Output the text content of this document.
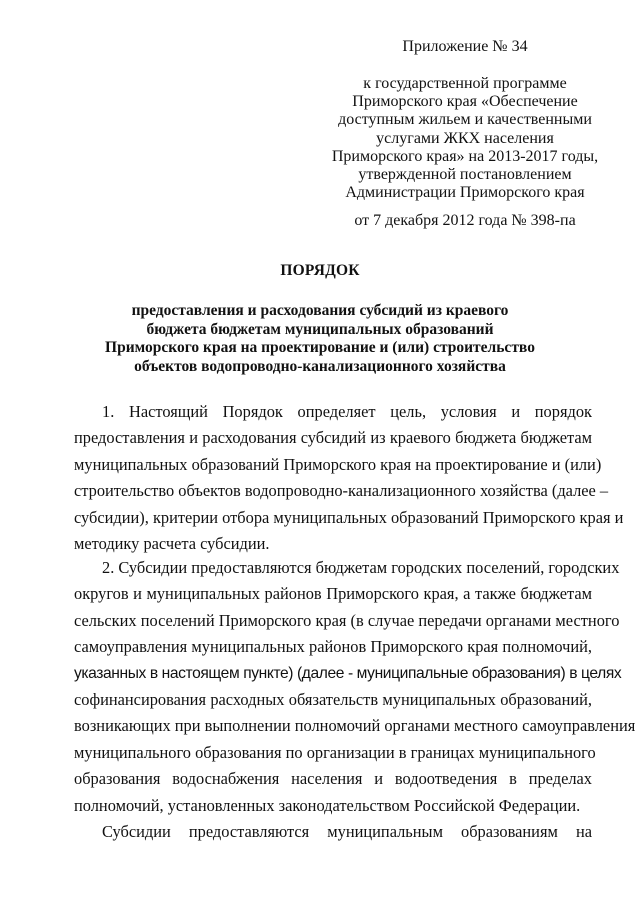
Приложение № 34
к государственной программе
Приморского края «Обеспечение
доступным жильем и качественными
услугами ЖКХ населения
Приморского края» на 2013-2017 годы,
утвержденной постановлением
Администрации Приморского края
от 7 декабря 2012 года № 398-па
ПОРЯДОК
предоставления и расходования субсидий из краевого
бюджета бюджетам муниципальных образований
Приморского края на проектирование и (или) строительство
объектов водопроводно-канализационного хозяйства
1. Настоящий Порядок определяет цель, условия и порядок
предоставления и расходования субсидий из краевого бюджета бюджетам
муниципальных образований Приморского края на проектирование и (или)
строительство объектов водопроводно-канализационного хозяйства (далее –
субсидии), критерии отбора муниципальных образований Приморского края и
методику расчета субсидии.
2. Субсидии предоставляются бюджетам городских поселений, городских
округов и муниципальных районов Приморского края, а также бюджетам
сельских поселений Приморского края (в случае передачи органами местного
самоуправления муниципальных районов Приморского края полномочий,
указанных в настоящем пункте) (далее - муниципальные образования) в целях
софинансирования расходных обязательств муниципальных образований,
возникающих при выполнении полномочий органами местного самоуправления
муниципального образования по организации в границах муниципального
образования водоснабжения населения и водоотведения в пределах
полномочий, установленных законодательством Российской Федерации.
Субсидии предоставляются муниципальным образованиям на
